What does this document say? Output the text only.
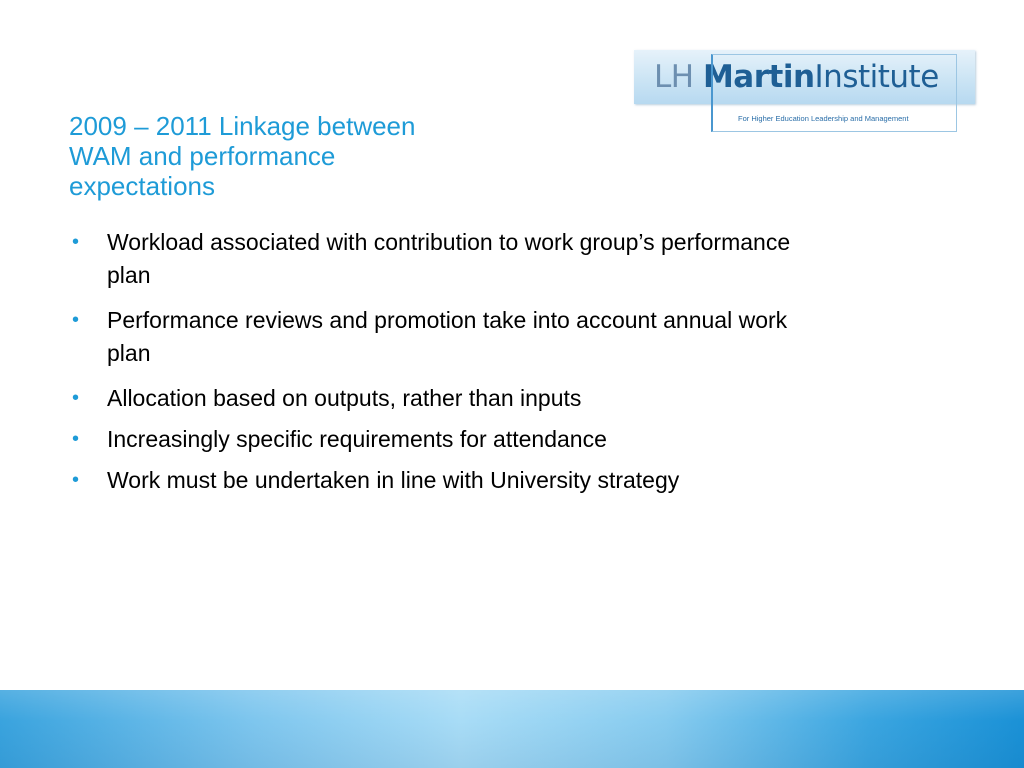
LH MartinInstitute
For Higher Education Leadership and Management
2009 – 2011 Linkage between
WAM and performance
expectations
• Workload associated with contribution to work group’s performance
plan
• Performance reviews and promotion take into account annual work
plan
• Allocation based on outputs, rather than inputs
• Increasingly specific requirements for attendance
• Work must be undertaken in line with University strategy
